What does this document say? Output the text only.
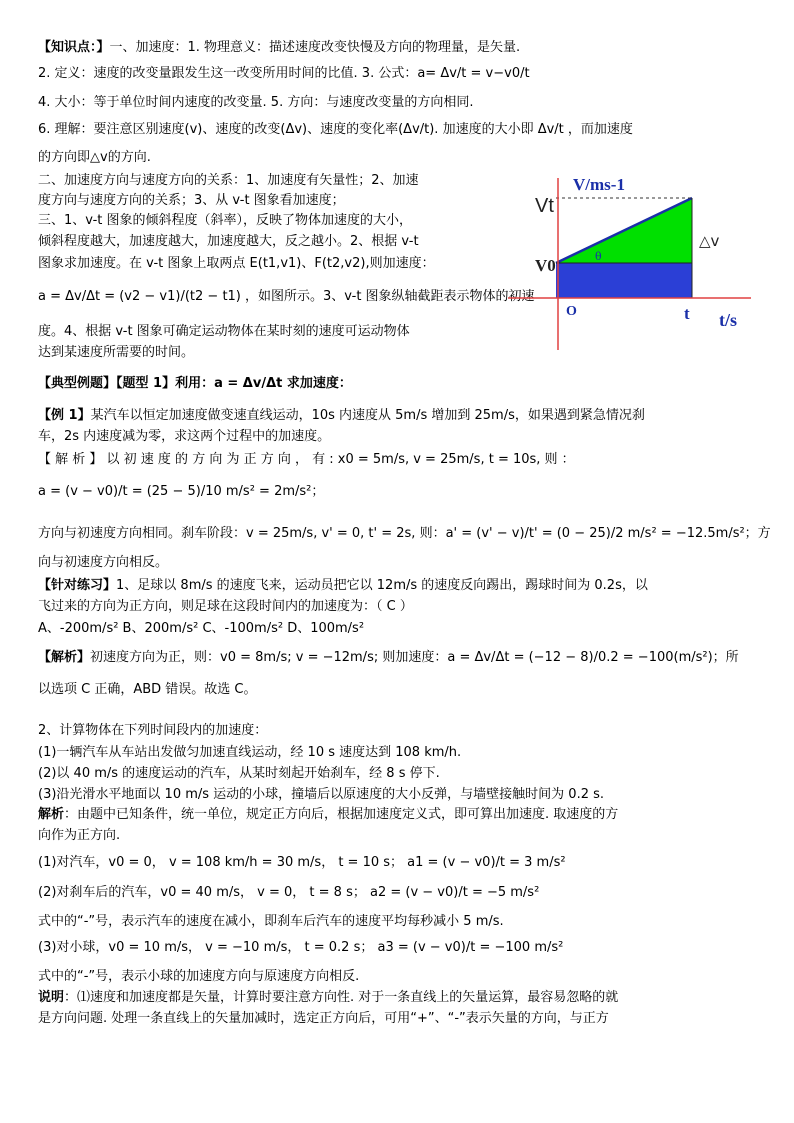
【知识点：】一、加速度：1. 物理意义：描述速度改变快慢及方向的物理量，是矢量.
2. 定义：速度的改变量跟发生这一改变所用时间的比值. 3. 公式：a= Δv/t = v−v0/t
4. 大小：等于单位时间内速度的改变量. 5. 方向：与速度改变量的方向相同.
6. 理解：要注意区别速度(v)、速度的改变(Δv)、速度的变化率(Δv/t). 加速度的大小即 Δv/t ，而加速度
的方向即△v的方向.
二、加速度方向与速度方向的关系：1、加速度有矢量性；2、加速
度方向与速度方向的关系；3、从 v-t 图象看加速度；
三、1、v-t 图象的倾斜程度（斜率），反映了物体加速度的大小，
倾斜程度越大，加速度越大，加速度越大，反之越小。2、根据 v-t
图象求加速度。在 v-t 图象上取两点 E(t1,v1)、F(t2,v2),则加速度：
a = Δv/Δt = (v2 − v1)/(t2 − t1) ，如图所示。3、v-t 图象纵轴截距表示物体的初速
度。4、根据 v-t 图象可确定运动物体在某时刻的速度可运动物体
达到某速度所需要的时间。
V/ms-1
Vt
V0
△v
θ
O	t t/s
【典型例题】【题型 1】利用：a = Δv/Δt 求加速度：
【例 1】某汽车以恒定加速度做变速直线运动，10s 内速度从 5m/s 增加到 25m/s，如果遇到紧急情况刹
车，2s 内速度减为零，求这两个过程中的加速度。
【 解 析 】 以 初 速 度 的 方 向 为 正 方 向 ， 有 : x0 = 5m/s, v = 25m/s, t = 10s, 则 ：
a = (v − v0)/t = (25 − 5)/10 m/s² = 2m/s²；
方向与初速度方向相同。刹车阶段：v = 25m/s, v' = 0, t' = 2s, 则：a' = (v' − v)/t' = (0 − 25)/2 m/s² = −12.5m/s²；方
向与初速度方向相反。
【针对练习】1、足球以 8m/s 的速度飞来，运动员把它以 12m/s 的速度反向踢出，踢球时间为 0.2s，以
飞过来的方向为正方向，则足球在这段时间内的加速度为：（ C ）
A、-200m/s² B、200m/s² C、-100m/s² D、100m/s²
【解析】初速度方向为正，则：v0 = 8m/s; v = −12m/s; 则加速度：a = Δv/Δt = (−12 − 8)/0.2 = −100(m/s²)；所
以选项 C 正确，ABD 错误。故选 C。
2、计算物体在下列时间段内的加速度：
(1)一辆汽车从车站出发做匀加速直线运动，经 10 s 速度达到 108 km/h.
(2)以 40 m/s 的速度运动的汽车，从某时刻起开始刹车，经 8 s 停下.
(3)沿光滑水平地面以 10 m/s 运动的小球，撞墙后以原速度的大小反弹，与墙壁接触时间为 0.2 s.
解析：由题中已知条件，统一单位，规定正方向后，根据加速度定义式，即可算出加速度. 取速度的方
向作为正方向.
(1)对汽车，v0 = 0， v = 108 km/h = 30 m/s， t = 10 s； a1 = (v − v0)/t = 3 m/s²
(2)对刹车后的汽车，v0 = 40 m/s， v = 0， t = 8 s； a2 = (v − v0)/t = −5 m/s²
式中的“-”号，表示汽车的速度在减小，即刹车后汽车的速度平均每秒减小 5 m/s.
(3)对小球，v0 = 10 m/s， v = −10 m/s， t = 0.2 s； a3 = (v − v0)/t = −100 m/s²
式中的“-”号，表示小球的加速度方向与原速度方向相反.
说明：⑴速度和加速度都是矢量，计算时要注意方向性. 对于一条直线上的矢量运算，最容易忽略的就
是方向问题. 处理一条直线上的矢量加减时，选定正方向后，可用“+”、“-”表示矢量的方向，与正方
